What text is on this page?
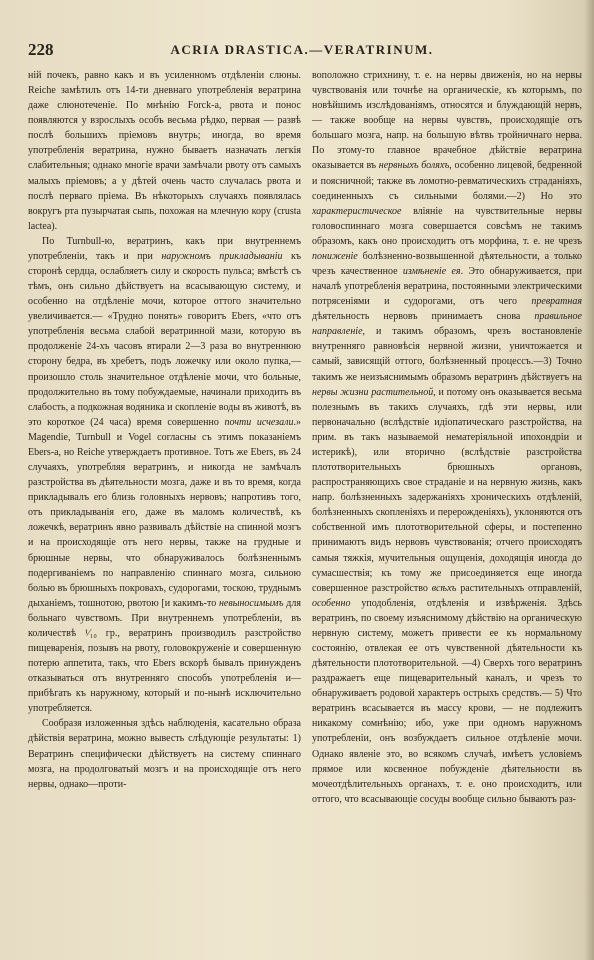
228	ACRIA DRASTICA.—VERATRINUM.

ній почекъ, равно какъ и въ усиленномъ отдѣленіи слюны. Reiche замѣтилъ отъ 14-ти дневнаго употребленія вератрина даже слюнотеченіе. По мнѣнію Forck-а, рвота и понос появляются у взрослыхъ особъ весьма рѣдко, первая — развѣ послѣ большихъ пріемовъ внутрь; иногда, во время употребленія вератрина, нужно бываетъ назначать легкія слабительныя; однако многіе врачи замѣчали рвоту отъ самыхъ малыхъ пріемовъ; а у дѣтей очень часто случалась рвота и послѣ перваго пріема. Въ нѣкоторыхъ случаяхъ появлялась вокругъ рта пузырчатая сыпь, похожая на млечную кору (crusta lactea).

По Turnbull-ю, вератринъ, какъ при внутреннемъ употребленіи, такъ и при наружномъ прикладываніи къ сторонѣ сердца, ослабляетъ силу и скорость пульса; вмѣстѣ съ тѣмъ, онъ сильно дѣйствуетъ на всасывающую систему, и особенно на отдѣленіе мочи, которое оттого значительно увеличивается.— «Трудно понять» говоритъ Ebers, «что отъ употребленія весьма слабой вератринной мази, которую въ продолженіе 24-хъ часовъ втирали 2—3 раза во внутреннюю сторону бедра, въ хребетъ, подъ ложечку или около пупка,—произошло столь значительное отдѣленіе мочи, что больные, продолжительно въ тому побуждаемые, начинали приходить въ слабость, а подкожная водяника и скопленіе воды въ животѣ, въ это короткое (24 часа) время совершенно почти исчезали.» Magendie, Turnbull и Vogel согласны съ этимъ показаніемъ Ebers-а, но Reiche утверждаетъ противное. Тотъ же Ebers, въ 24 случаяхъ, употребляя вератринъ, и никогда не замѣчалъ разстройства въ дѣятельности мозга, даже и въ то время, когда прикладывалъ его близь головныхъ нервовъ; напротивъ того, отъ прикладыванія его, даже въ маломъ количествѣ, къ ложечкѣ, вератринъ явно развивалъ дѣйствіе на спинной мозгъ и на происходящіе отъ него нервы, также на грудные и брюшные нервы, что обнаруживалось болѣзненнымъ подергиваніемъ по направленію спиннаго мозга, сильною болью въ брюшныхъ покровахъ, судорогами, тоскою, труднымъ дыханіемъ, тошнотою, рвотою [и какимъ-то невыносимымъ для больнаго чувствомъ. При внутреннемъ употребленіи, въ количествѣ ¹⁄₁₀ гр., вератринъ производилъ разстройство пищеваренія, позывъ на рвоту, головокруженіе и совершенную потерю аппетита, такъ, что Ebers вскорѣ бывалъ принужденъ отказываться отъ внутренняго способъ употребленія и—прибѣгать къ наружному, который и по-нынѣ исключительно употребляется.

Сообразя изложенныя здѣсь наблюденія, касательно образа дѣйствія вератрина, можно вывесть слѣдующіе результаты: 1) Вератринъ специфически дѣйствуетъ на систему спиннаго мозга, на продолговатый мозгъ и на происходящіе отъ него нервы, однако—проти-

воположно стрихнину, т. е. на нервы движенія, но на нервы чувствованія или точнѣе на органическіе, къ которымъ, по новѣйшимъ изслѣдованіямъ, относятся и блуждающій нервъ,— также вообще на нервы чувствъ, происходящіе отъ большаго мозга, напр. на большую вѣтвь тройничнаго нерва. По этому-то главное врачебное дѣйствіе вератрина оказывается въ нервныхъ боляхъ, особенно лицевой, бедренной и поясничной; также въ ломотно-ревматическихъ страданіяхъ, соединенныхъ съ сильными болями.—2) Но это характеристическое вліяніе на чувствительные нервы головоспиннаго мозга совершается совсѣмъ не такимъ образомъ, какъ оно происходитъ отъ морфина, т. е. не чрезъ пониженіе болѣзненно-возвышенной дѣятельности, а только чрезъ качественное измѣненіе ея. Это обнаруживается, при началѣ употребленія вератрина, постоянными электрическими потрясеніями и судорогами, отъ чего превратная дѣятельность нервовъ принимаетъ снова правильное направленіе, и такимъ образомъ, чрезъ востановленіе внутренняго равновѣсія нервной жизни, уничтожается и самый, зависящій оттого, болѣзненный процессъ.—3) Точно такимъ же неизъяснимымъ образомъ вератринъ дѣйствуетъ на нервы жизни растительной, и потому онъ оказывается весьма полезнымъ въ такихъ случаяхъ, гдѣ эти нервы, или первоначально (вслѣдствіе идіопатическаго разстройства, на прим. въ такъ называемой нематеріяльной ипохондріи и истерикѣ), или вторично (вслѣдствіе разстройства плототворительныхъ брюшныхъ органовъ, распространяющихъ свое страданіе и на нервную жизнь, какъ напр. болѣзненныхъ задержаніяхъ хроническихъ отдѣленій, болѣзненныхъ скопленіяхъ и перерожденіяхъ), уклоняются отъ собственной имъ плототворительной сферы, и постепенно принимаютъ видъ нервовъ чувствованія; отчего происходятъ самыя тяжкія, мучительныя ощущенія, доходящія иногда до сумасшествія; къ тому же присоединяется еще иногда совершенное разстройство всѣхъ растительныхъ отправленій, особенно уподобленія, отдѣленія и извѣрженія. Здѣсь вератринъ, по своему изъяснимому дѣйствію на органическую нервную систему, можетъ привести ее къ нормальному состоянію, отвлекая ее отъ чувственной дѣятельности къ дѣятельности плототворительной. —4) Сверхъ того вератринъ раздражаетъ еще пищеварительный каналъ, и чрезъ то обнаруживаетъ родовой характеръ острыхъ средствъ.— 5) Что вератринъ всасывается въ массу крови, — не подлежитъ никакому сомнѣнію; ибо, уже при одномъ наружномъ употребленіи, онъ возбуждаетъ сильное отдѣленіе мочи. Однако явленіе это, во всякомъ случаѣ, имѣетъ условіемъ прямое или косвенное побужденіе дѣятельности въ мочеотдѣлительныхъ органахъ, т. е. оно происходитъ, или оттого, что всасывающіе сосуды вообще сильно бываютъ раз-
